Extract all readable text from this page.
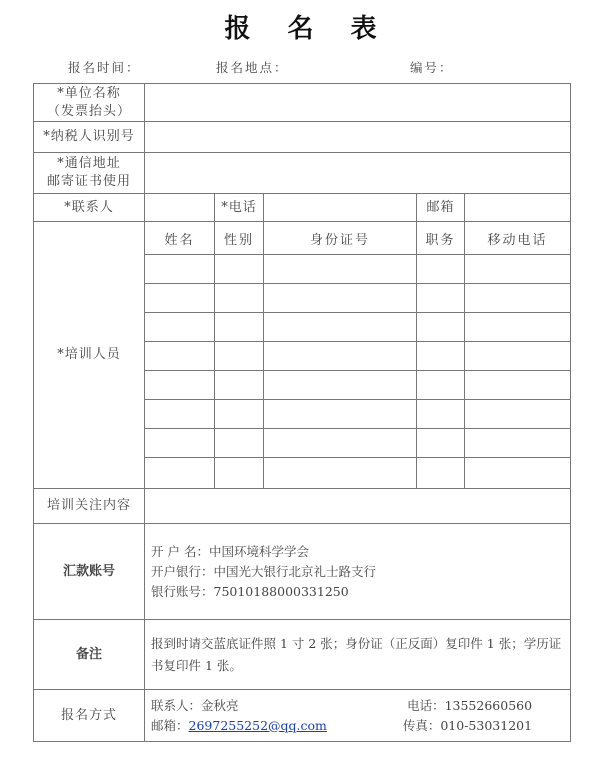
报 名 表
报名时间：	报名地点：	编号：
*单位名称
（发票抬头）					

*纳税人识别号					

*通信地址
邮寄证书使用					

*联系人		*电话		邮箱	
*培训人员	姓名	性别	身份证号	职务	移动电话

培训关注内容					
汇款账号	开 户 名：中国环境科学学会
开户银行：中国光大银行北京礼士路支行
银行账号：75010188000331250				

备注	报到时请交蓝底证件照 1 寸 2 张；身份证（正反面）复印件 1 张；学历证书复印件 1 张。				
报名方式	联系人：金秋亮 电话：13552660560
邮箱：2697255252@qq.com 传真：010-53031201				
